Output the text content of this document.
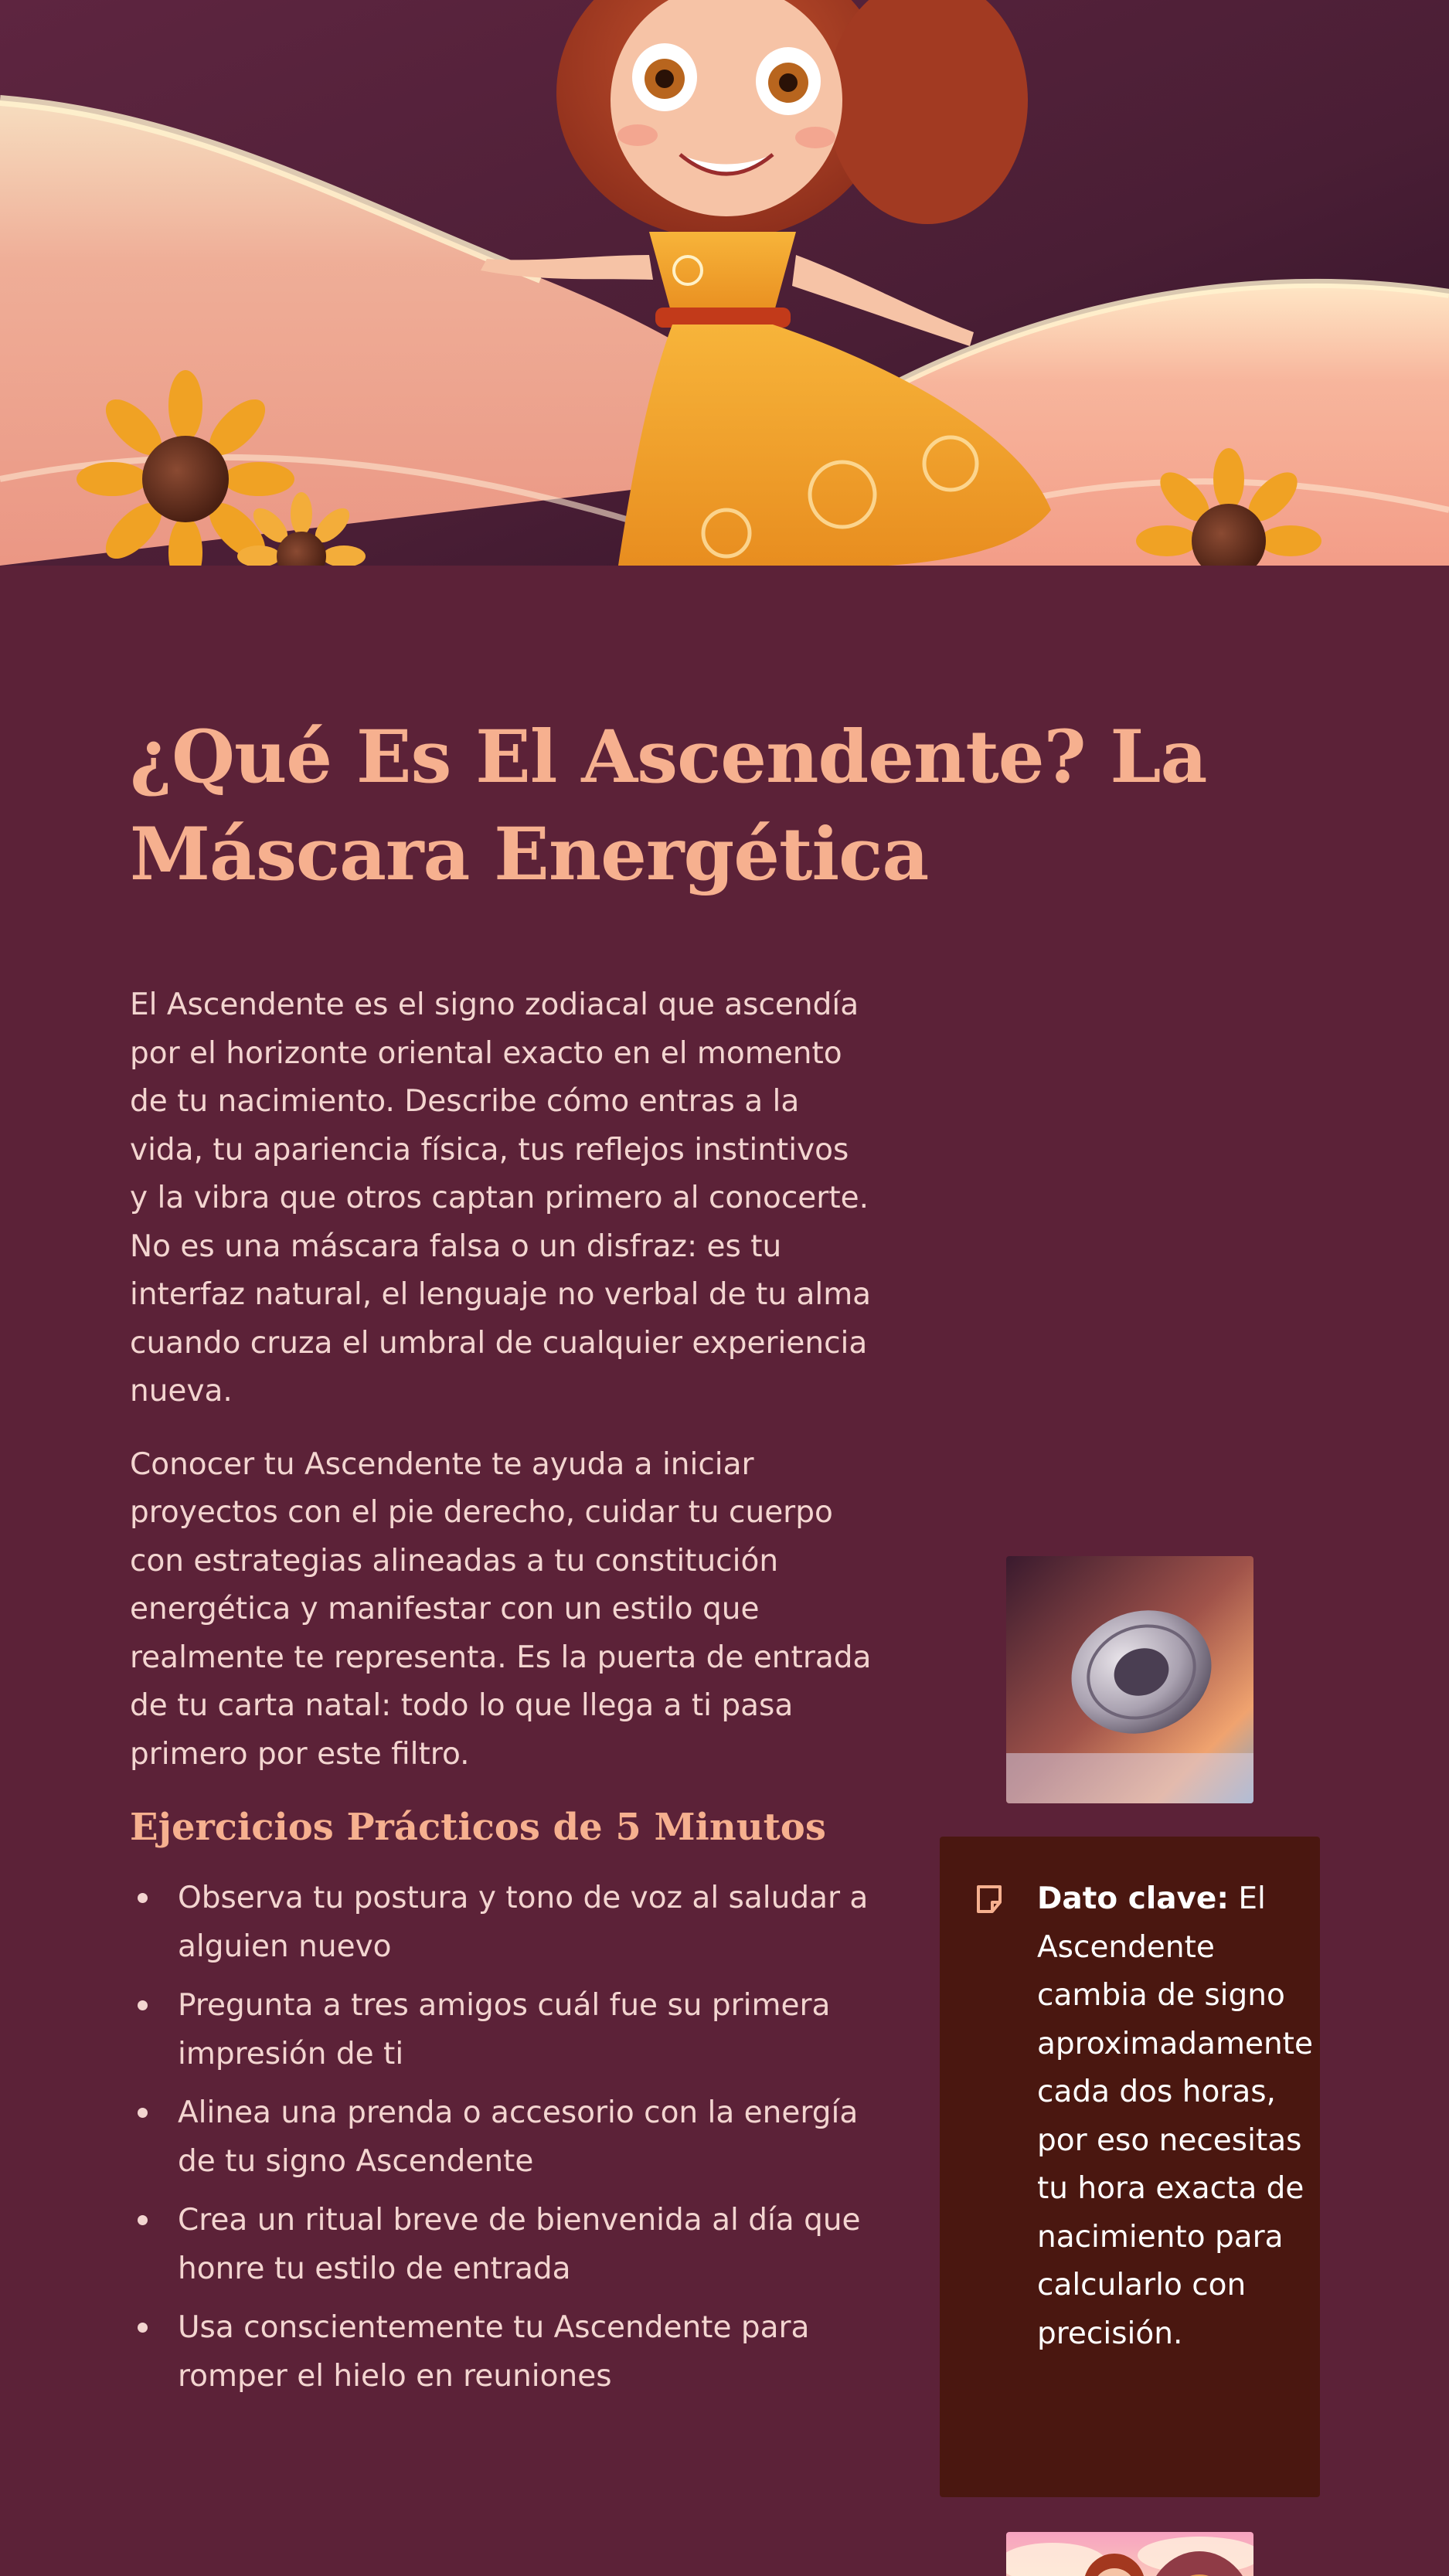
¿Qué Es El Ascendente? La Máscara Energética

El Ascendente es el signo zodiacal que ascendía por el horizonte oriental exacto en el momento de tu nacimiento. Describe cómo entras a la vida, tu apariencia física, tus reflejos instintivos y la vibra que otros captan primero al conocerte. No es una máscara falsa o un disfraz: es tu interfaz natural, el lenguaje no verbal de tu alma cuando cruza el umbral de cualquier experiencia nueva.

Conocer tu Ascendente te ayuda a iniciar proyectos con el pie derecho, cuidar tu cuerpo con estrategias alineadas a tu constitución energética y manifestar con un estilo que realmente te representa. Es la puerta de entrada de tu carta natal: todo lo que llega a ti pasa primero por este filtro.

Ejercicios Prácticos de 5 Minutos
Observa tu postura y tono de voz al saludar a alguien nuevo
Pregunta a tres amigos cuál fue su primera impresión de ti
Alinea una prenda o accesorio con la energía de tu signo Ascendente
Crea un ritual breve de bienvenida al día que honre tu estilo de entrada
Usa conscientemente tu Ascendente para romper el hielo en reuniones
Dato clave: El Ascendente cambia de signo aproximadamente cada dos horas, por eso necesitas tu hora exacta de nacimiento para calcularlo con precisión.
